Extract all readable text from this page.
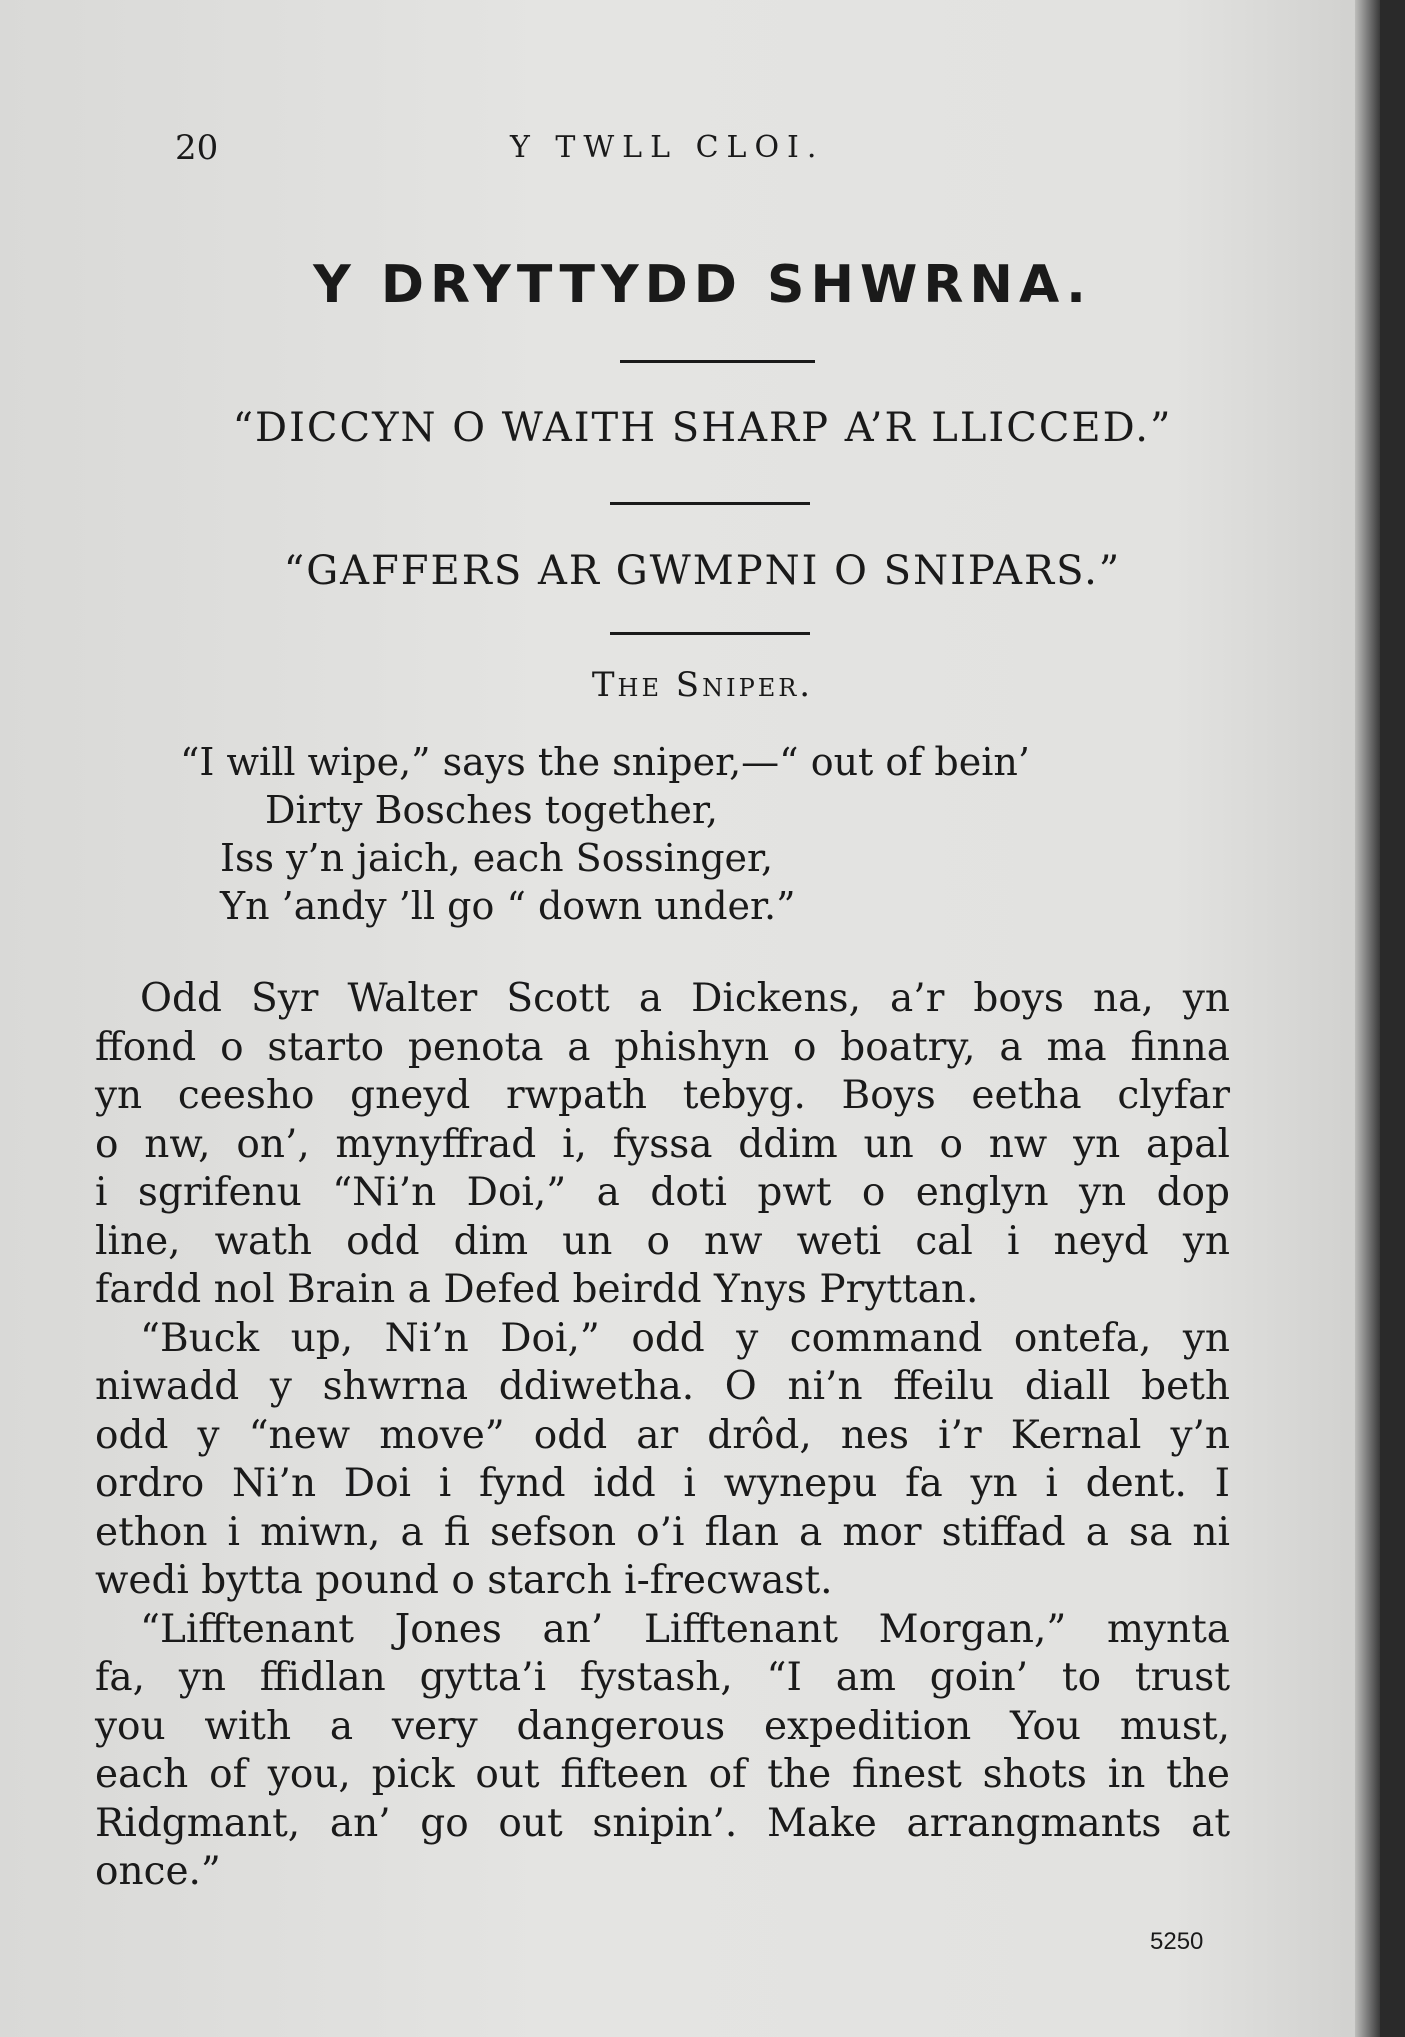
20	Y TWLL CLOI.
Y DRYTTYDD SHWRNA.
“DICCYN O WAITH SHARP A’R LLICCED.”
“GAFFERS AR GWMPNI O SNIPARS.”
The Sniper.
“I will wipe,” says the sniper,—“ out of bein’
Dirty Bosches together,
Iss y’n jaich, each Sossinger,
Yn ’andy ’ll go “ down under.”
Odd Syr Walter Scott a Dickens, a’r boys na, yn
ffond o starto penota a phishyn o boatry, a ma finna
yn ceesho gneyd rwpath tebyg. Boys eetha clyfar
o nw, on’, mynyffrad i, fyssa ddim un o nw yn apal
i sgrifenu “Ni’n Doi,” a doti pwt o englyn yn dop
line, wath odd dim un o nw weti cal i neyd yn
fardd nol Brain a Defed beirdd Ynys Pryttan.
“Buck up, Ni’n Doi,” odd y command ontefa, yn
niwadd y shwrna ddiwetha. O ni’n ffeilu diall beth
odd y “new move” odd ar drôd, nes i’r Kernal y’n
ordro Ni’n Doi i fynd idd i wynepu fa yn i dent. I
ethon i miwn, a fi sefson o’i flan a mor stiffad a sa ni
wedi bytta pound o starch i-frecwast.
“Lifftenant Jones an’ Lifftenant Morgan,” mynta
fa, yn ffidlan gytta’i fystash, “I am goin’ to trust
you with a very dangerous expedition You must,
each of you, pick out fifteen of the finest shots in the
Ridgmant, an’ go out snipin’. Make arrangmants at
once.”
5250
